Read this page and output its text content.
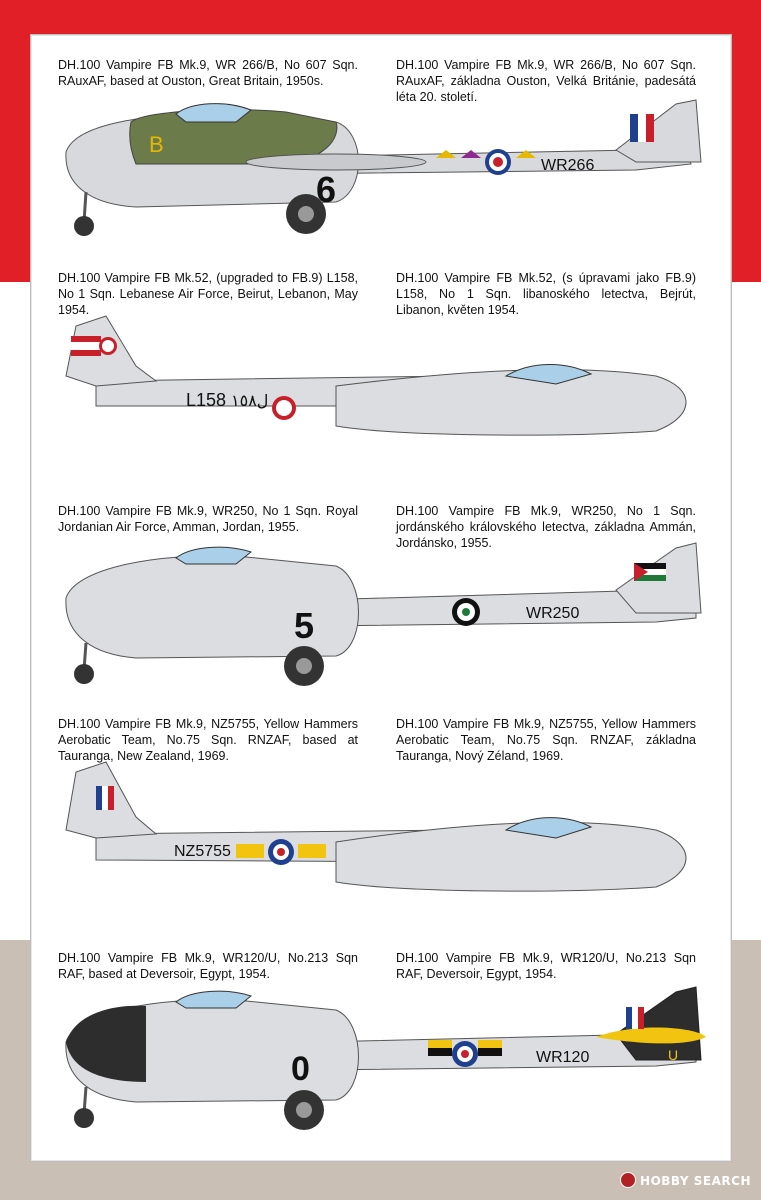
DH.100 Vampire FB Mk.9, WR 266/B, No 607 Sqn. RAuxAF, based at Ouston, Great Britain, 1950s.
DH.100 Vampire FB Mk.9, WR 266/B, No 607 Sqn. RAuxAF, základna Ouston, Velká Británie, padesátá léta 20. století.
B
6
WR266
DH.100 Vampire FB Mk.52, (upgraded to FB.9) L158, No 1 Sqn. Lebanese Air Force, Beirut, Lebanon, May 1954.
DH.100 Vampire FB Mk.52, (s úpravami jako FB.9) L158, No 1 Sqn. libanoského letectva, Bejrút, Libanon, květen 1954.
L158 ل١٥٨
DH.100 Vampire FB Mk.9, WR250, No 1 Sqn. Royal Jordanian Air Force, Amman, Jordan, 1955.
DH.100 Vampire FB Mk.9, WR250, No 1 Sqn. jordánského královského letectva, základna Ammán, Jordánsko, 1955.
5	WR250
DH.100 Vampire FB Mk.9, NZ5755, Yellow Hammers Aerobatic Team, No.75 Sqn. RNZAF, based at Tauranga, New Zealand, 1969.
DH.100 Vampire FB Mk.9, NZ5755, Yellow Hammers Aerobatic Team, No.75 Sqn. RNZAF, základna Tauranga, Nový Zéland, 1969.
NZ5755
DH.100 Vampire FB Mk.9, WR120/U, No.213 Sqn RAF, based at Deversoir, Egypt, 1954.
DH.100 Vampire FB Mk.9, WR120/U, No.213 Sqn RAF, Deversoir, Egypt, 1954.
0	WR120	U
HOBBY SEARCH
